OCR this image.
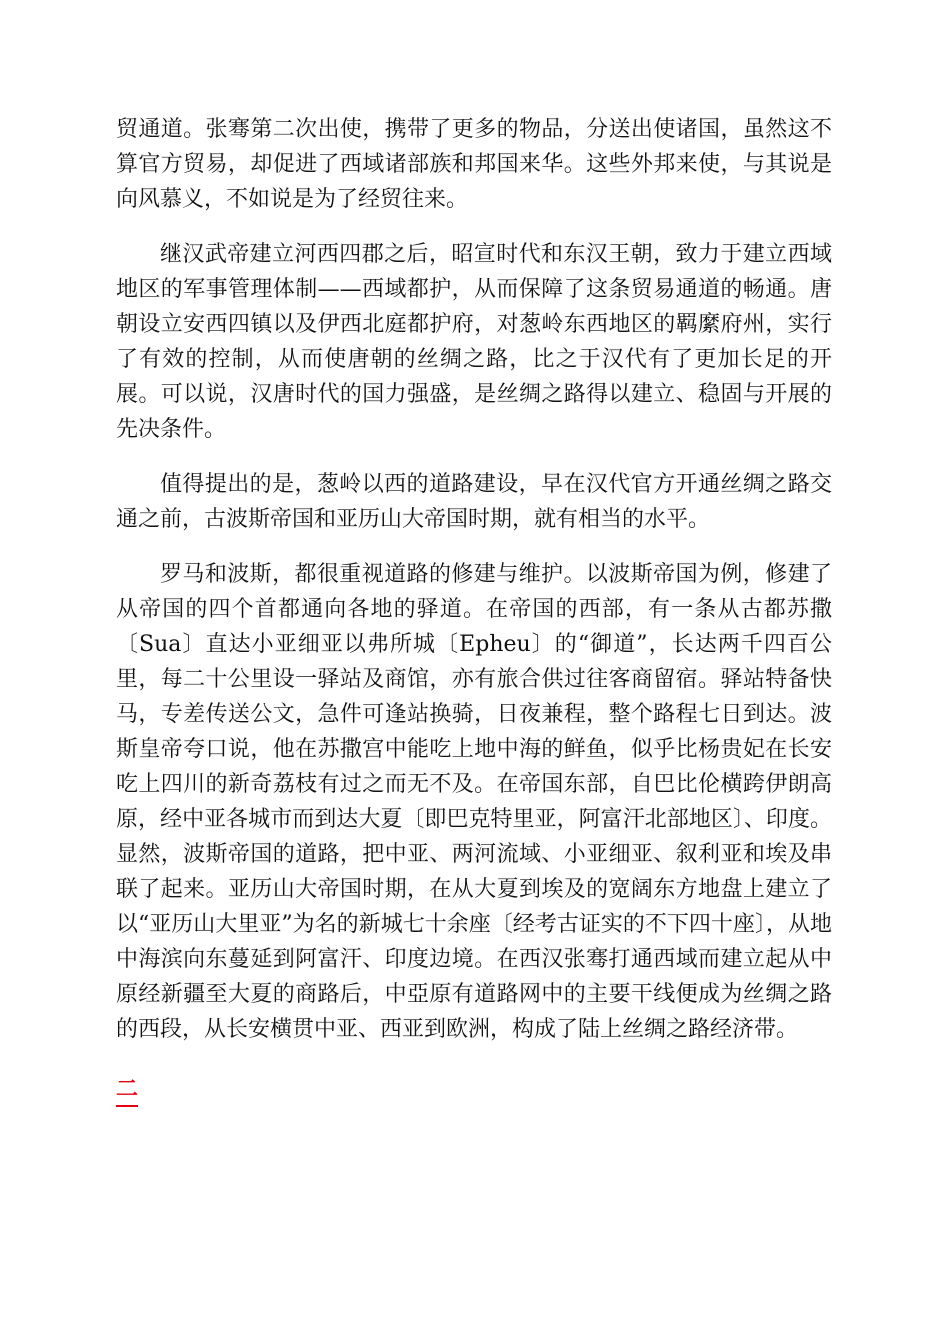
贸通道。张骞第二次出使，携带了更多的物品，分送出使诸国，虽然这不算官方贸易，却促进了西域诸部族和邦国来华。这些外邦来使，与其说是向风慕义，不如说是为了经贸往来。

继汉武帝建立河西四郡之后，昭宣时代和东汉王朝，致力于建立西域地区的军事管理体制——西域都护，从而保障了这条贸易通道的畅通。唐朝设立安西四镇以及伊西北庭都护府，对葱岭东西地区的羁縻府州，实行了有效的控制，从而使唐朝的丝绸之路，比之于汉代有了更加长足的开展。可以说，汉唐时代的国力强盛，是丝绸之路得以建立、稳固与开展的先决条件。

值得提出的是，葱岭以西的道路建设，早在汉代官方开通丝绸之路交通之前，古波斯帝国和亚历山大帝国时期，就有相当的水平。

罗马和波斯，都很重视道路的修建与维护。以波斯帝国为例，修建了从帝国的四个首都通向各地的驿道。在帝国的西部，有一条从古都苏撒〔Sua〕直达小亚细亚以弗所城〔Epheu〕的“御道”，长达两千四百公里，每二十公里设一驿站及商馆，亦有旅合供过往客商留宿。驿站特备快马，专差传送公文，急件可逢站换骑，日夜兼程，整个路程七日到达。波斯皇帝夸口说，他在苏撒宫中能吃上地中海的鲜鱼，似乎比杨贵妃在长安吃上四川的新奇荔枝有过之而无不及。在帝国东部，自巴比伦横跨伊朗高原，经中亚各城市而到达大夏〔即巴克特里亚，阿富汗北部地区〕、印度。显然，波斯帝国的道路，把中亚、两河流域、小亚细亚、叙利亚和埃及串联了起来。亚历山大帝国时期，在从大夏到埃及的宽阔东方地盘上建立了以“亚历山大里亚”为名的新城七十余座〔经考古证实的不下四十座〕，从地中海滨向东蔓延到阿富汗、印度边境。在西汉张骞打通西域而建立起从中原经新疆至大夏的商路后，中亞原有道路网中的主要干线便成为丝绸之路的西段，从长安横贯中亚、西亚到欧洲，构成了陆上丝绸之路经济带。

二
